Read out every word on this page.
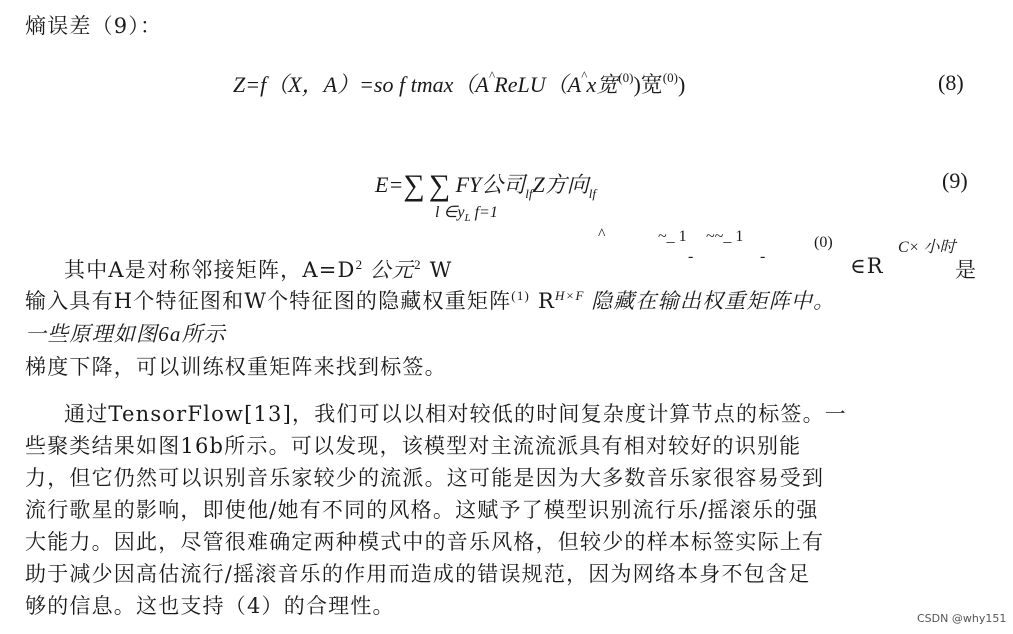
熵误差（9）：
Z=f（X，A）=so f tmax（A^ReLU（A^x宽$^{(0)}$)宽$^{(0)}$)	(8)
E=∑ ∑ FY公司$_{lf}$Z方向$_{lf}$
l $\in y_L$ f=1
(9)
^	~_ 1 ~~_ 1
-	-
(0)	C× 小时
其中A是对称邻接矩阵，$A=D^2$ 公元$^2$ W	∈R	是
输入具有H个特征图和W个特征图的隐藏权重矩阵$^{(1)}$ $R^{H\times F}$ 隐藏在输出权重矩阵中。
一些原理如图6a所示
梯度下降，可以训练权重矩阵来找到标签。
通过TensorFlow[13]，我们可以以相对较低的时间复杂度计算节点的标签。一
些聚类结果如图16b所示。可以发现，该模型对主流流派具有相对较好的识别能
力，但它仍然可以识别音乐家较少的流派。这可能是因为大多数音乐家很容易受到
流行歌星的影响，即使他/她有不同的风格。这赋予了模型识别流行乐/摇滚乐的强
大能力。因此，尽管很难确定两种模式中的音乐风格，但较少的样本标签实际上有
助于减少因高估流行/摇滚音乐的作用而造成的错误规范，因为网络本身不包含足
够的信息。这也支持（4）的合理性。
CSDN @why151
